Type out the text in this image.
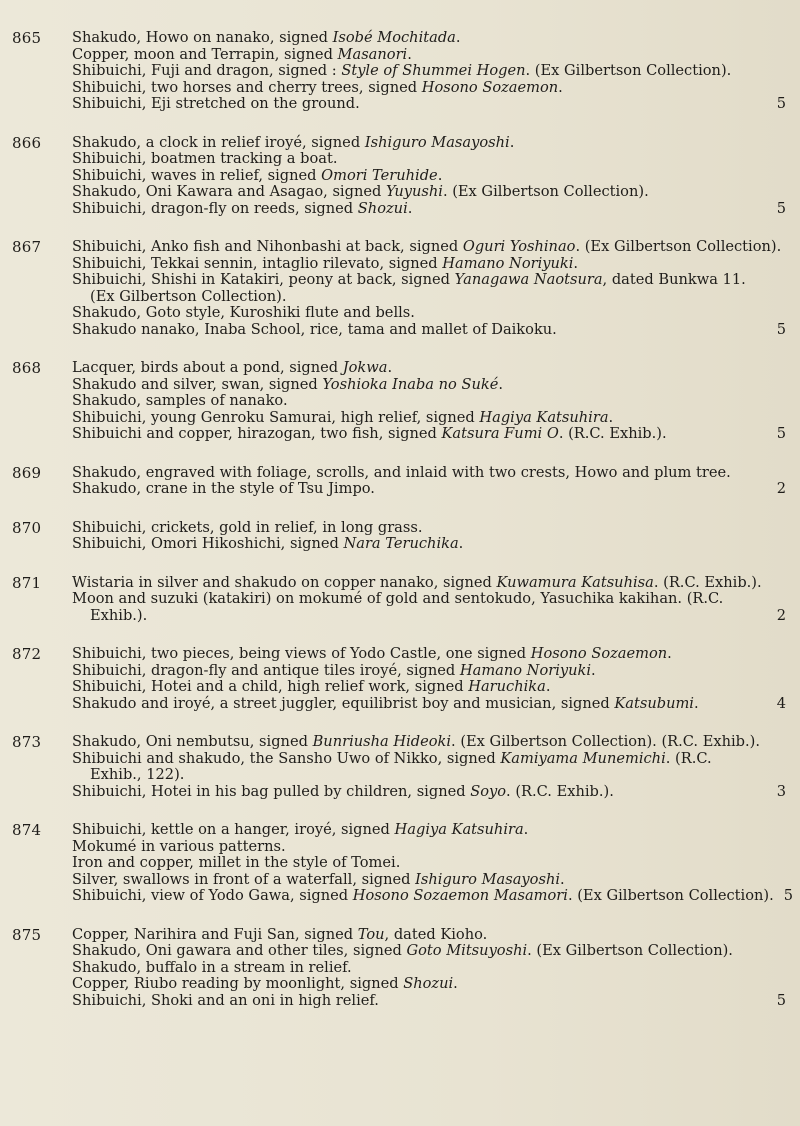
865	Shakudo, Howo on nanako, signed Isobé Mochitada.
Copper, moon and Terrapin, signed Masanori.
Shibuichi, Fuji and dragon, signed : Style of Shummei Hogen. (Ex Gilbertson Collection).
Shibuichi, two horses and cherry trees, signed Hosono Sozaemon.
Shibuichi, Eji stretched on the ground.	5
866	Shakudo, a clock in relief iroyé, signed Ishiguro Masayoshi.
Shibuichi, boatmen tracking a boat.
Shibuichi, waves in relief, signed Omori Teruhide.
Shakudo, Oni Kawara and Asagao, signed Yuyushi. (Ex Gilbertson Collection).
Shibuichi, dragon-fly on reeds, signed Shozui.	5
867	Shibuichi, Anko fish and Nihonbashi at back, signed Oguri Yoshinao. (Ex Gilbertson Collection).
Shibuichi, Tekkai sennin, intaglio rilevato, signed Hamano Noriyuki.
Shibuichi, Shishi in Katakiri, peony at back, signed Yanagawa Naotsura, dated Bunkwa 11.
(Ex Gilbertson Collection).
Shakudo, Goto style, Kuroshiki flute and bells.
Shakudo nanako, Inaba School, rice, tama and mallet of Daikoku.	5
868	Lacquer, birds about a pond, signed Jokwa.
Shakudo and silver, swan, signed Yoshioka Inaba no Suké.
Shakudo, samples of nanako.
Shibuichi, young Genroku Samurai, high relief, signed Hagiya Katsuhira.
Shibuichi and copper, hirazogan, two fish, signed Katsura Fumi O. (R.C. Exhib.).	5
869	Shakudo, engraved with foliage, scrolls, and inlaid with two crests, Howo and plum tree.
Shakudo, crane in the style of Tsu Jimpo.	2
870	Shibuichi, crickets, gold in relief, in long grass.
Shibuichi, Omori Hikoshichi, signed Nara Teruchika.
871	Wistaria in silver and shakudo on copper nanako, signed Kuwamura Katsuhisa. (R.C. Exhib.).
Moon and suzuki (katakiri) on mokumé of gold and sentokudo, Yasuchika kakihan. (R.C.
Exhib.).	2
872	Shibuichi, two pieces, being views of Yodo Castle, one signed Hosono Sozaemon.
Shibuichi, dragon-fly and antique tiles iroyé, signed Hamano Noriyuki.
Shibuichi, Hotei and a child, high relief work, signed Haruchika.
Shakudo and iroyé, a street juggler, equilibrist boy and musician, signed Katsubumi.	4
873	Shakudo, Oni nembutsu, signed Bunriusha Hideoki. (Ex Gilbertson Collection). (R.C. Exhib.).
Shibuichi and shakudo, the Sansho Uwo of Nikko, signed Kamiyama Munemichi. (R.C.
Exhib., 122).
Shibuichi, Hotei in his bag pulled by children, signed Soyo. (R.C. Exhib.).	3
874	Shibuichi, kettle on a hanger, iroyé, signed Hagiya Katsuhira.
Mokumé in various patterns.
Iron and copper, millet in the style of Tomei.
Silver, swallows in front of a waterfall, signed Ishiguro Masayoshi.
Shibuichi, view of Yodo Gawa, signed Hosono Sozaemon Masamori. (Ex Gilbertson Collection). 5
875	Copper, Narihira and Fuji San, signed Tou, dated Kioho.
Shakudo, Oni gawara and other tiles, signed Goto Mitsuyoshi. (Ex Gilbertson Collection).
Shakudo, buffalo in a stream in relief.
Copper, Riubo reading by moonlight, signed Shozui.
Shibuichi, Shoki and an oni in high relief.	5
